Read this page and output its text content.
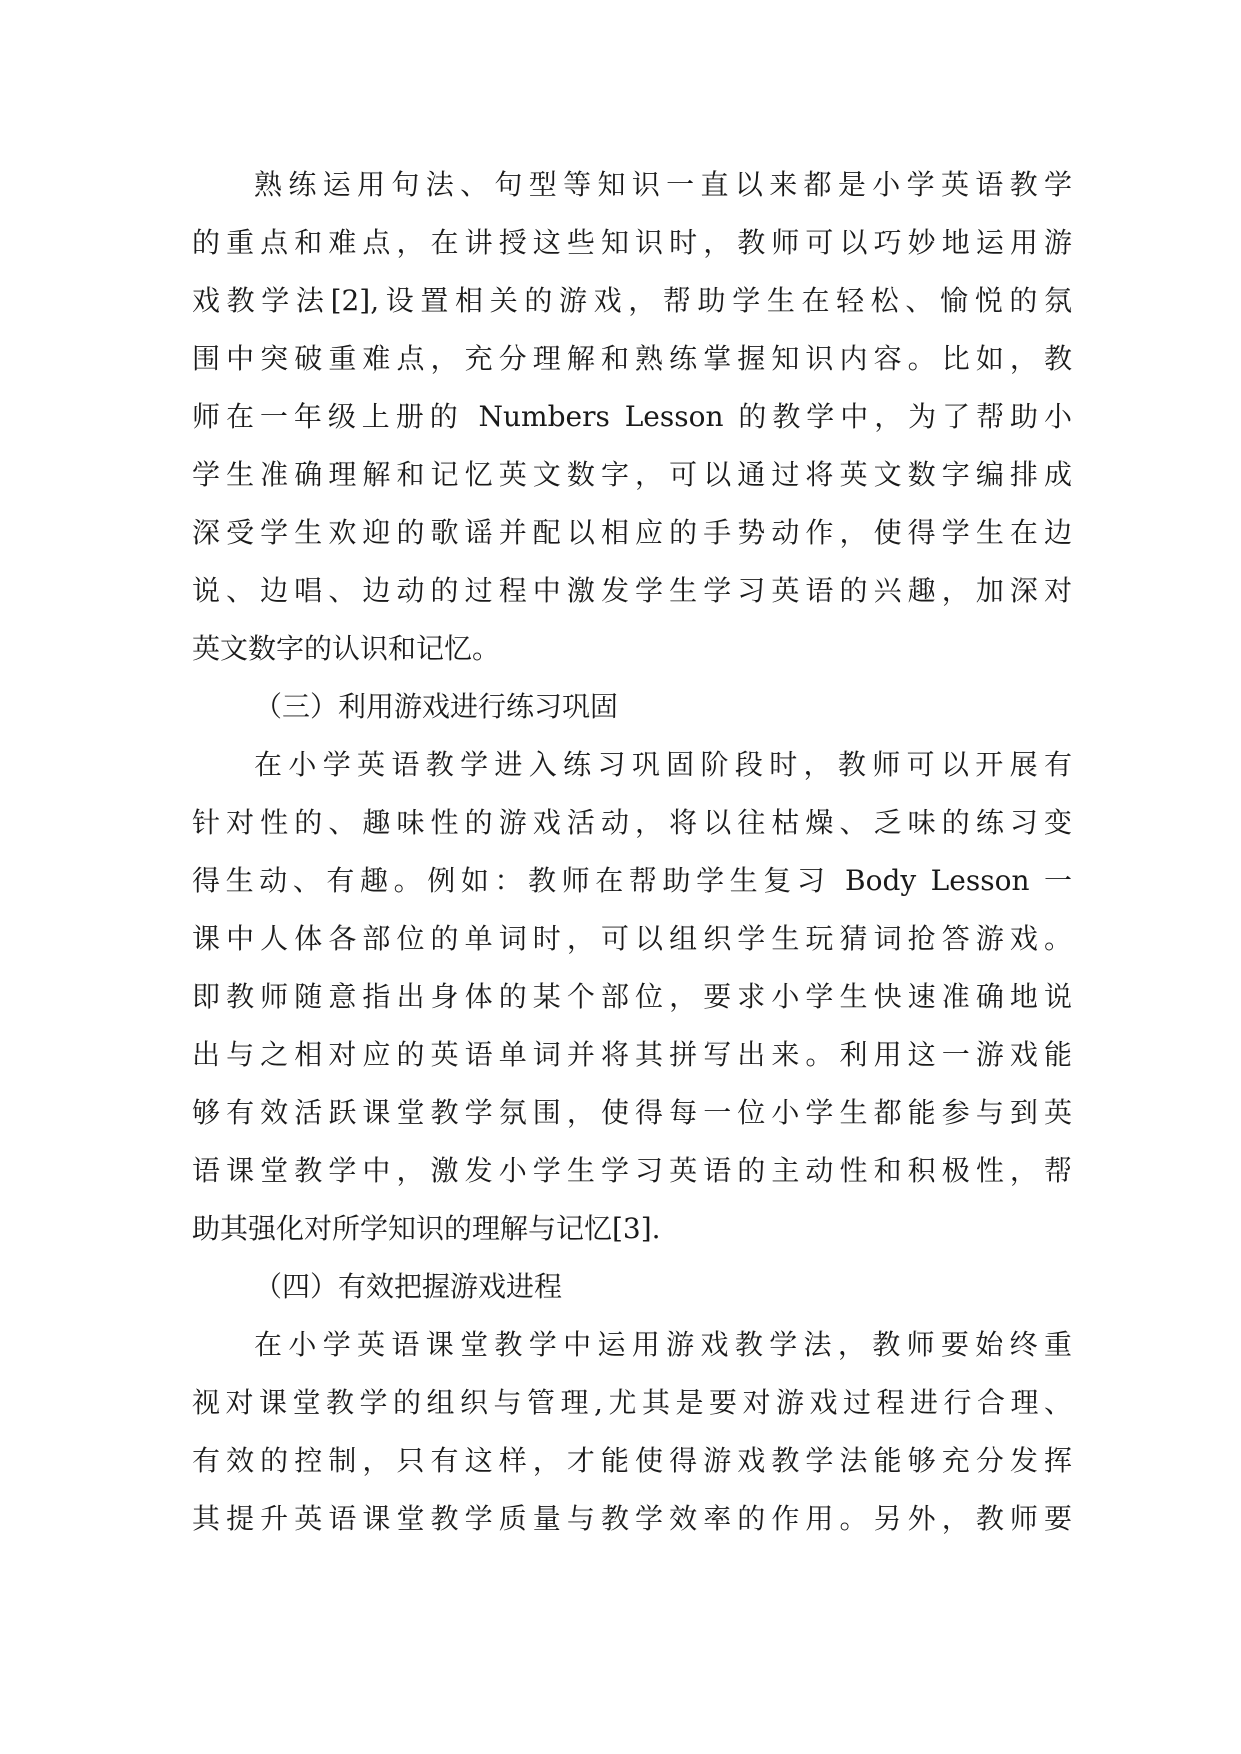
熟练运用句法、句型等知识一直以来都是小学英语教学
的重点和难点，在讲授这些知识时，教师可以巧妙地运用游
戏教学法[2],设置相关的游戏，帮助学生在轻松、愉悦的氛
围中突破重难点，充分理解和熟练掌握知识内容。比如，教
师在一年级上册的 Numbers Lesson 的教学中，为了帮助小
学生准确理解和记忆英文数字，可以通过将英文数字编排成
深受学生欢迎的歌谣并配以相应的手势动作，使得学生在边
说、边唱、边动的过程中激发学生学习英语的兴趣，加深对
英文数字的认识和记忆。
（三）利用游戏进行练习巩固
在小学英语教学进入练习巩固阶段时，教师可以开展有
针对性的、趣味性的游戏活动，将以往枯燥、乏味的练习变
得生动、有趣。例如：教师在帮助学生复习 Body Lesson 一
课中人体各部位的单词时，可以组织学生玩猜词抢答游戏。
即教师随意指出身体的某个部位，要求小学生快速准确地说
出与之相对应的英语单词并将其拼写出来。利用这一游戏能
够有效活跃课堂教学氛围，使得每一位小学生都能参与到英
语课堂教学中，激发小学生学习英语的主动性和积极性，帮
助其强化对所学知识的理解与记忆[3].
（四）有效把握游戏进程
在小学英语课堂教学中运用游戏教学法，教师要始终重
视对课堂教学的组织与管理,尤其是要对游戏过程进行合理、
有效的控制，只有这样，才能使得游戏教学法能够充分发挥
其提升英语课堂教学质量与教学效率的作用。另外，教师要
